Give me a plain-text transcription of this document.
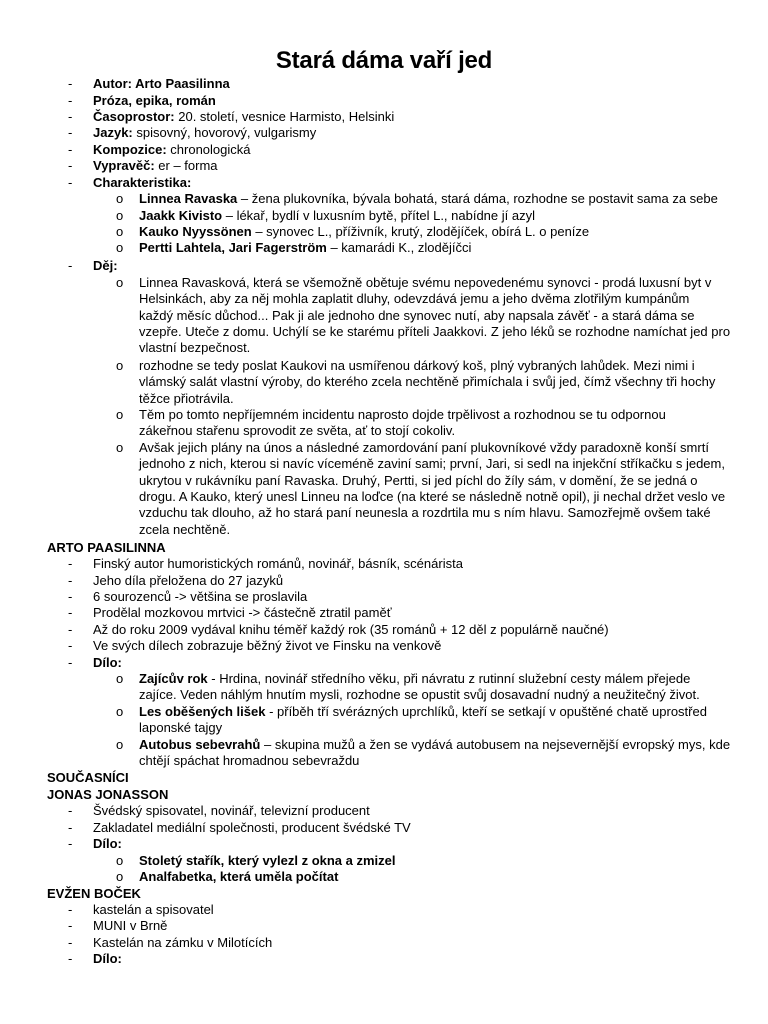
Stará dáma vaří jed
-	Autor: Arto Paasilinna
-	Próza, epika, román
-	Časoprostor: 20. století, vesnice Harmisto, Helsinki
-	Jazyk: spisovný, hovorový, vulgarismy
-	Kompozice: chronologická
-	Vypravěč: er – forma
-	Charakteristika:
o Linnea Ravaska – žena plukovníka, bývala bohatá, stará dáma, rozhodne se postavit sama za sebe
o Jaakk Kivisto – lékař, bydlí v luxusním bytě, přítel L., nabídne jí azyl
o Kauko Nyyssönen – synovec L., příživník, krutý, zlodějíček, obírá L. o peníze
o Pertti Lahtela, Jari Fagerström – kamarádi K., zlodějíčci
-	Děj:
o Linnea Ravasková, která se všemožně obětuje svému nepovedenému synovci - prodá luxusní byt v
Helsinkách, aby za něj mohla zaplatit dluhy, odevzdává jemu a jeho dvěma zlotřilým kumpánům
každý měsíc důchod... Pak ji ale jednoho dne synovec nutí, aby napsala závěť - a stará dáma se
vzepře. Uteče z domu. Uchýlí se ke starému příteli Jaakkovi. Z jeho léků se rozhodne namíchat jed pro
vlastní bezpečnost.
o rozhodne se tedy poslat Kaukovi na usmířenou dárkový koš, plný vybraných lahůdek. Mezi nimi i
vlámský salát vlastní výroby, do kterého zcela nechtěně přimíchala i svůj jed, čímž všechny tři hochy
těžce přiotrávila.
o Těm po tomto nepříjemném incidentu naprosto dojde trpělivost a rozhodnou se tu odpornou
zákeřnou stařenu sprovodit ze světa, ať to stojí cokoliv.
o Avšak jejich plány na únos a následné zamordování paní plukovníkové vždy paradoxně konší smrtí
jednoho z nich, kterou si navíc víceméně zaviní sami; první, Jari, si sedl na injekční stříkačku s jedem,
ukrytou v rukávníku paní Ravaska. Druhý, Pertti, si jed píchl do žíly sám, v domění, že se jedná o
drogu. A Kauko, který unesl Linneu na loďce (na které se následně notně opil), ji nechal držet veslo ve
vzduchu tak dlouho, až ho stará paní neunesla a rozdrtila mu s ním hlavu. Samozřejmě ovšem také
zcela nechtěně.
ARTO PAASILINNA
-	Finský autor humoristických románů, novinář, básník, scénárista
-	Jeho díla přeložena do 27 jazyků
-	6 sourozenců -> většina se proslavila
-	Prodělal mozkovou mrtvici -> částečně ztratil paměť
-	Až do roku 2009 vydával knihu téměř každý rok (35 románů + 12 děl z populárně naučné)
-	Ve svých dílech zobrazuje běžný život ve Finsku na venkově
-	Dílo:
o Zajícův rok - Hrdina, novinář středního věku, při návratu z rutinní služební cesty málem přejede
zajíce. Veden náhlým hnutím mysli, rozhodne se opustit svůj dosavadní nudný a neužitečný život.
o Les oběšených lišek - příběh tří svérázných uprchlíků, kteří se setkají v opuštěné chatě uprostřed
laponské tajgy
o Autobus sebevrahů – skupina mužů a žen se vydává autobusem na nejsevernější evropský mys, kde
chtějí spáchat hromadnou sebevraždu
SOUČASNÍCI
JONAS JONASSON
-	Švédský spisovatel, novinář, televizní producent
-	Zakladatel mediální společnosti, producent švédské TV
-	Dílo:
o Stoletý stařík, který vylezl z okna a zmizel
o Analfabetka, která uměla počítat
EVŽEN BOČEK
-	kastelán a spisovatel
-	MUNI v Brně
-	Kastelán na zámku v Milotících
-	Dílo:
